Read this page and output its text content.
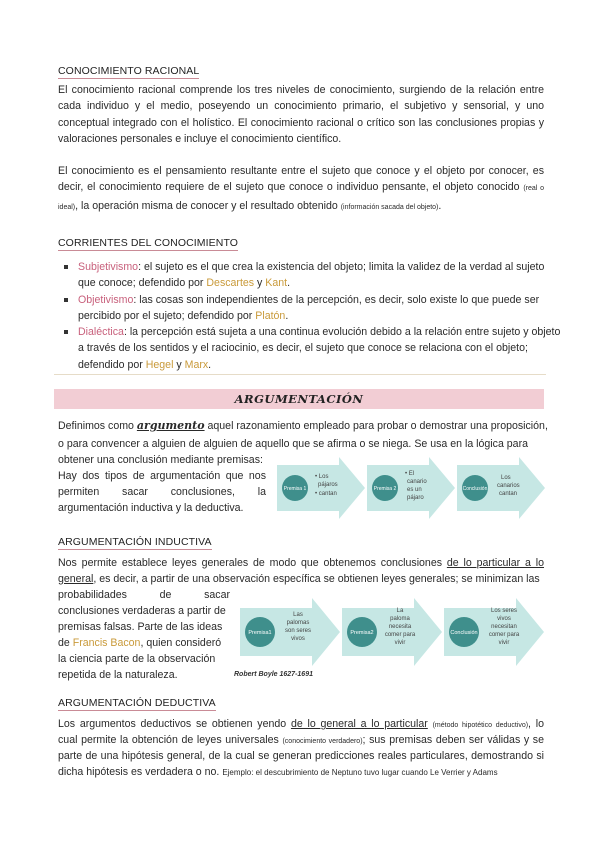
CONOCIMIENTO RACIONAL
El conocimiento racional comprende los tres niveles de conocimiento, surgiendo de la relación entre cada individuo y el medio, poseyendo un conocimiento primario, el subjetivo y sensorial, y uno conceptual integrado con el holístico. El conocimiento racional o crítico son las conclusiones propias y valoraciones personales e incluye el conocimiento científico.
El conocimiento es el pensamiento resultante entre el sujeto que conoce y el objeto por conocer, es decir, el conocimiento requiere de el sujeto que conoce o individuo pensante, el objeto conocido (real o ideal), la operación misma de conocer y el resultado obtenido (información sacada del objeto).
CORRIENTES DEL CONOCIMIENTO
Subjetivismo: el sujeto es el que crea la existencia del objeto; limita la validez de la verdad al sujeto que conoce; defendido por Descartes y Kant.
Objetivismo: las cosas son independientes de la percepción, es decir, solo existe lo que puede ser percibido por el sujeto; defendido por Platón.
Dialéctica: la percepción está sujeta a una continua evolución debido a la relación entre sujeto y objeto a través de los sentidos y el raciocinio, es decir, el sujeto que conoce se relaciona con el objeto; defendido por Hegel y Marx.
ARGUMENTACIÓN
Definimos como argumento aquel razonamiento empleado para probar o demostrar una proposición,
o para convencer a alguien de alguien de aquello que se afirma o se niega. Se usa en la lógica para
obtener una conclusión mediante premisas:
Hay dos tipos de argumentación que nos
permiten sacar conclusiones, la
argumentación inductiva y la deductiva.
Premisa 1
• Los
pájaros
• cantan
Premisa 2
• El
canario
es un
pájaro
Conclusión
Los
canarios
cantan
ARGUMENTACIÓN INDUCTIVA
Nos permite establece leyes generales de modo que obtenemos conclusiones de lo particular a lo
general, es decir, a partir de una observación específica se obtienen leyes generales; se minimizan las
probabilidades de sacar
conclusiones verdaderas a partir de
premisas falsas. Parte de las ideas
de Francis Bacon, quien consideró
la ciencia parte de la observación
repetida de la naturaleza.
Premisa1
Las
palomas
son seres
vivos
Premisa2
La
paloma
necesita
comer para
vivir
Conclusión
Los seres
vivos
necesitan
comer para
vivir
Robert Boyle 1627-1691
ARGUMENTACIÓN DEDUCTIVA
Los argumentos deductivos se obtienen yendo de lo general a lo particular (método hipotético deductivo), lo
cual permite la obtención de leyes universales (conocimiento verdadero); sus premisas deben ser válidas y se
parte de una hipótesis general, de la cual se generan predicciones reales particulares, demostrando si
dicha hipótesis es verdadera o no. Ejemplo: el descubrimiento de Neptuno tuvo lugar cuando Le Verrier y Adams
